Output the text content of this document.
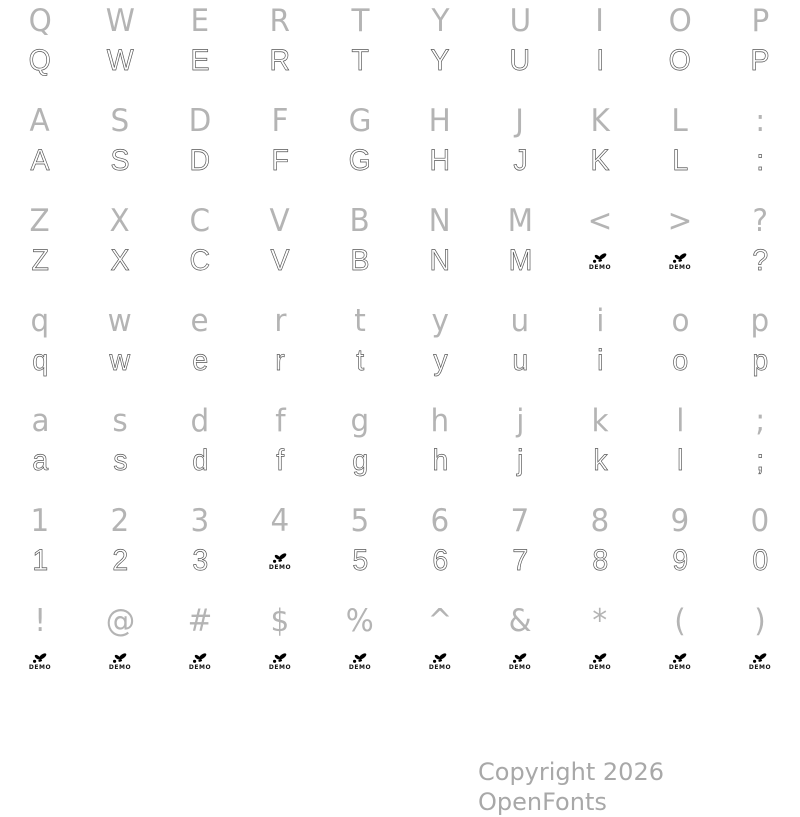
Q W E R T Y U I O P
Q W E R T Y U I O P
A S D F G H J K L :
A S D F G H J K L :
Z X C V B N M < > ?
Z X C V B N M	DEMO	DEMO ?
q w e r t y u i o p
q w e r t y u i o p
a s d f g h j k l ;
a s d f g h j k l ;
1 2 3 4 5 6 7 8 9 0
1 2 3	DEMO 5 6 7 8 9 0
! @ # $ % ^ & * ( )
DEMO	DEMO	DEMO	DEMO	DEMO	DEMO	DEMO	DEMO	DEMO	DEMO
Copyright 2026 OpenFonts
